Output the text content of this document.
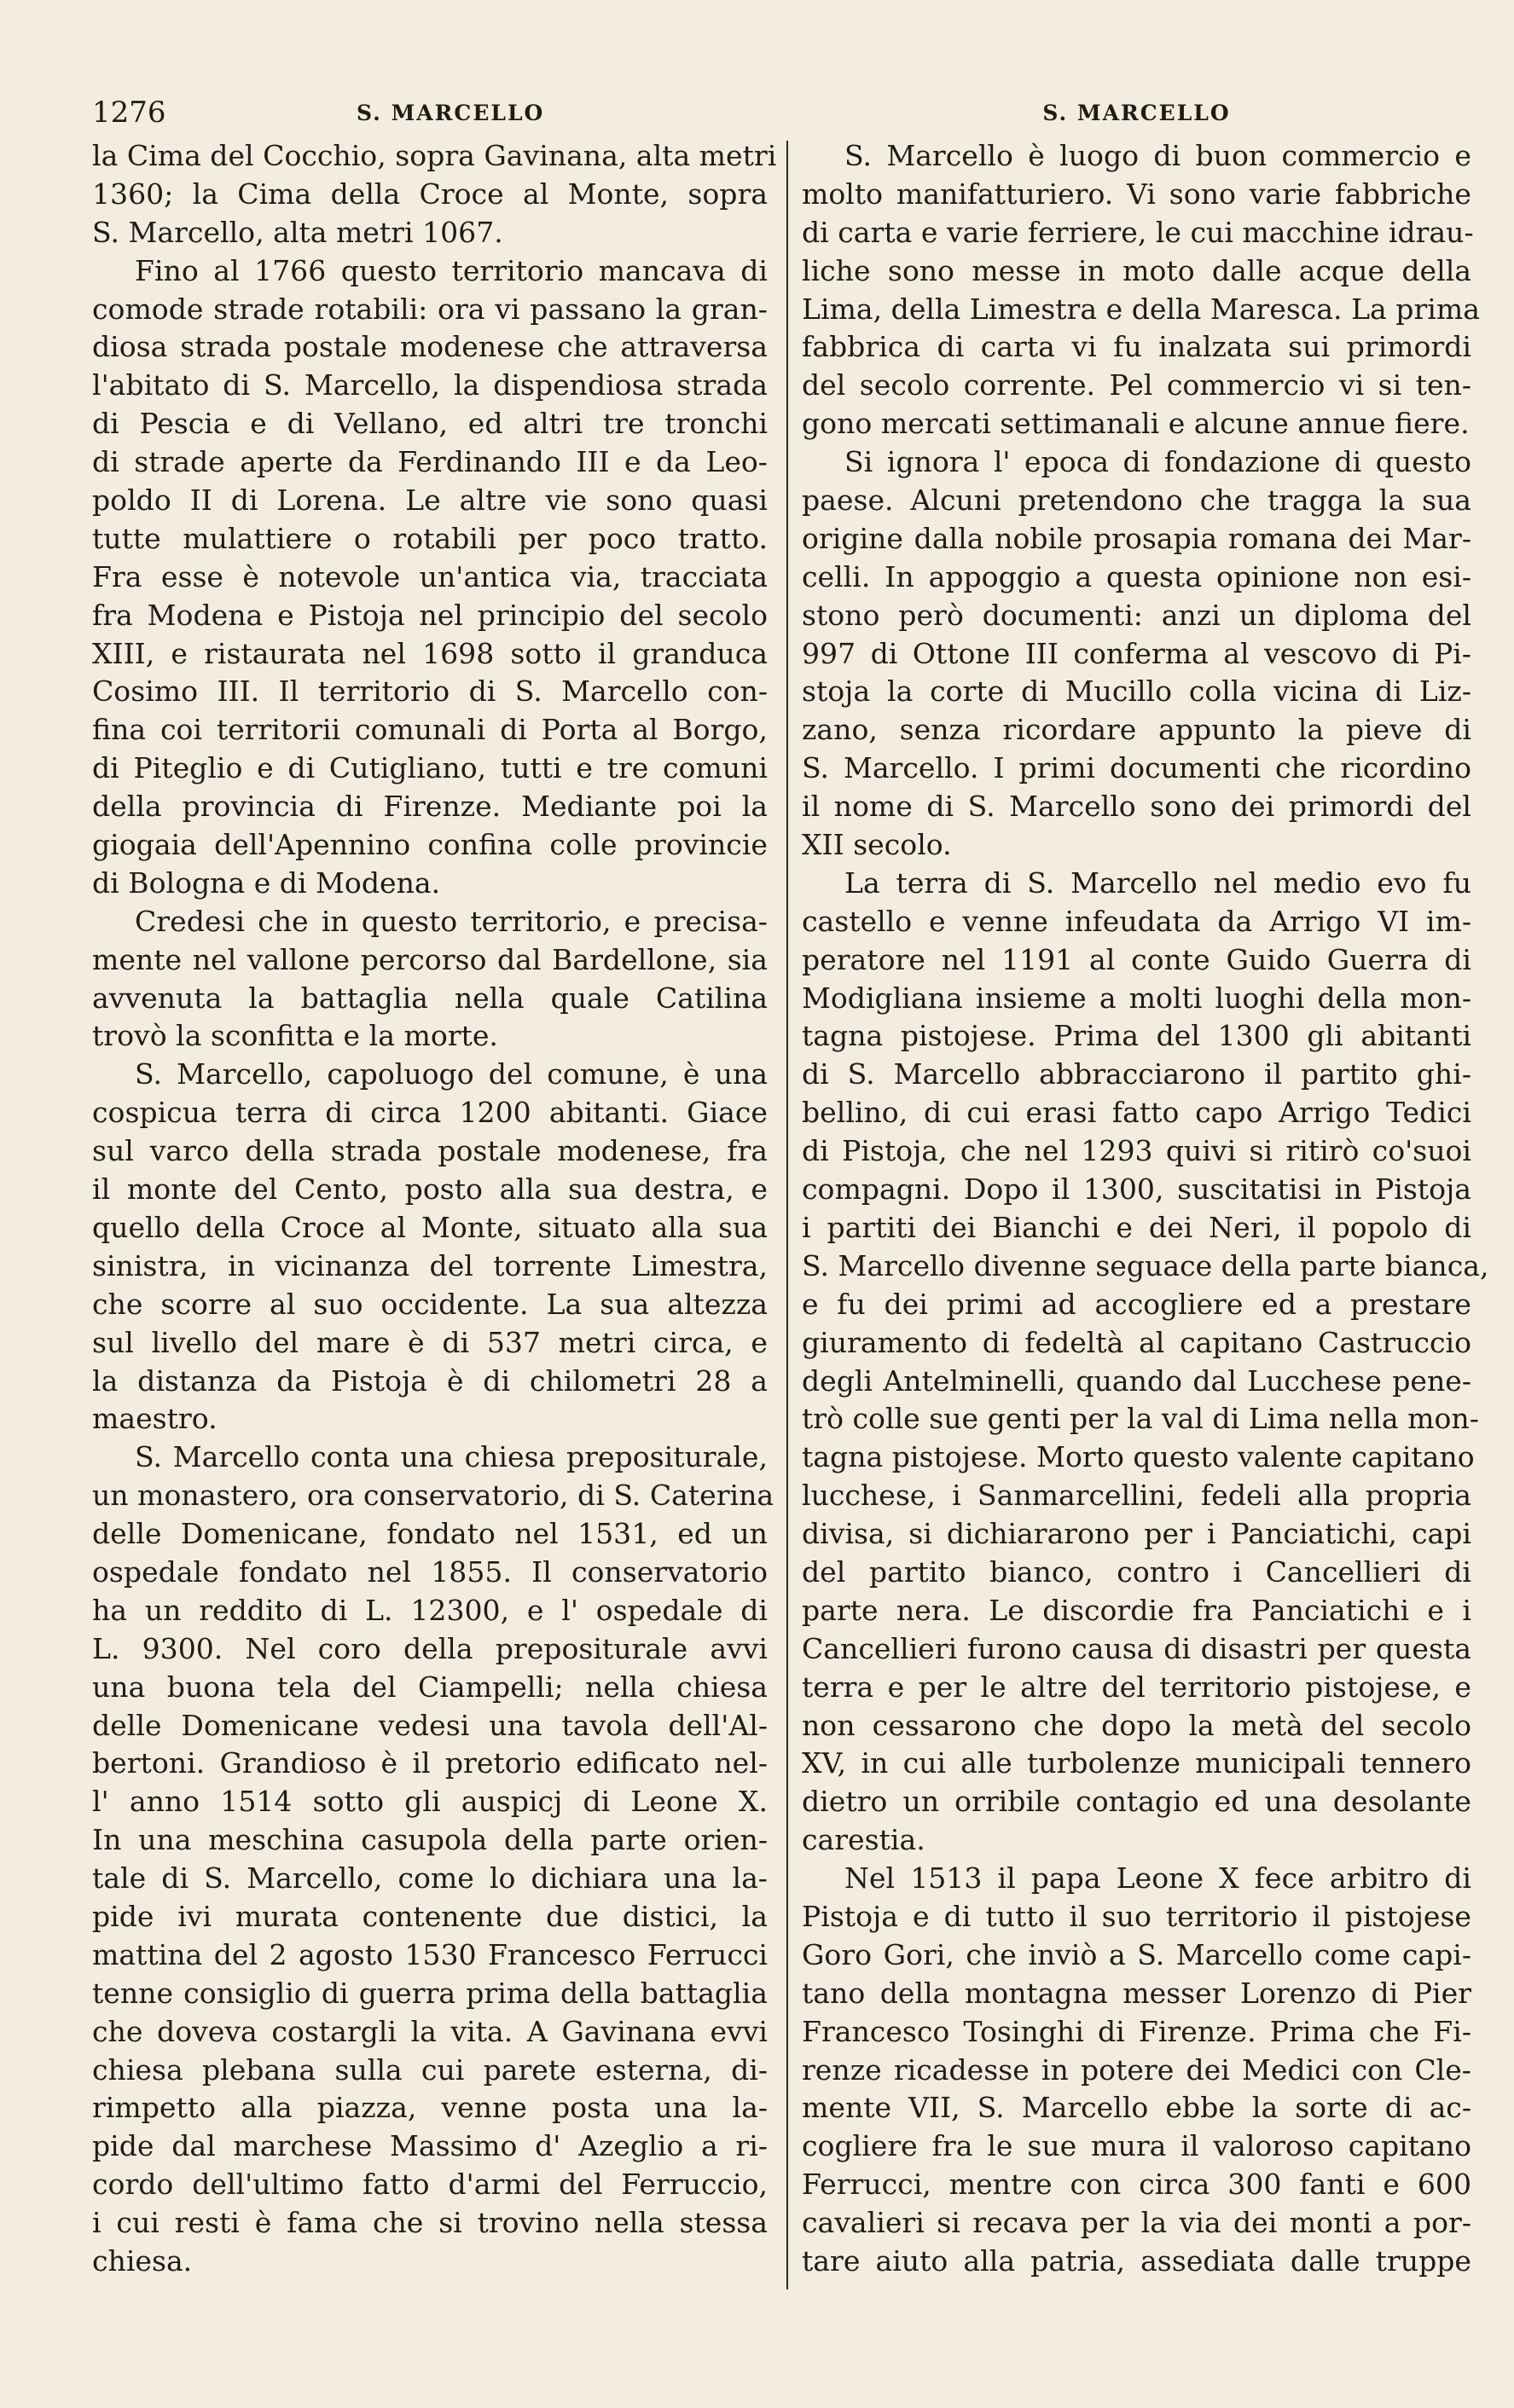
1276	S. MARCELLO	S. MARCELLO
la Cima del Cocchio, sopra Gavinana, alta metri
1360; la Cima della Croce al Monte, sopra
S. Marcello, alta metri 1067.
Fino al 1766 questo territorio mancava di
comode strade rotabili: ora vi passano la gran-
diosa strada postale modenese che attraversa
l'abitato di S. Marcello, la dispendiosa strada
di Pescia e di Vellano, ed altri tre tronchi
di strade aperte da Ferdinando III e da Leo-
poldo II di Lorena. Le altre vie sono quasi
tutte mulattiere o rotabili per poco tratto.
Fra esse è notevole un'antica via, tracciata
fra Modena e Pistoja nel principio del secolo
XIII, e ristaurata nel 1698 sotto il granduca
Cosimo III. Il territorio di S. Marcello con-
fina coi territorii comunali di Porta al Borgo,
di Piteglio e di Cutigliano, tutti e tre comuni
della provincia di Firenze. Mediante poi la
giogaia dell'Apennino confina colle provincie
di Bologna e di Modena.
Credesi che in questo territorio, e precisa-
mente nel vallone percorso dal Bardellone, sia
avvenuta la battaglia nella quale Catilina
trovò la sconfitta e la morte.
S. Marcello, capoluogo del comune, è una
cospicua terra di circa 1200 abitanti. Giace
sul varco della strada postale modenese, fra
il monte del Cento, posto alla sua destra, e
quello della Croce al Monte, situato alla sua
sinistra, in vicinanza del torrente Limestra,
che scorre al suo occidente. La sua altezza
sul livello del mare è di 537 metri circa, e
la distanza da Pistoja è di chilometri 28 a
maestro.
S. Marcello conta una chiesa prepositurale,
un monastero, ora conservatorio, di S. Caterina
delle Domenicane, fondato nel 1531, ed un
ospedale fondato nel 1855. Il conservatorio
ha un reddito di L. 12300, e l' ospedale di
L. 9300. Nel coro della prepositurale avvi
una buona tela del Ciampelli; nella chiesa
delle Domenicane vedesi una tavola dell'Al-
bertoni. Grandioso è il pretorio edificato nel-
l' anno 1514 sotto gli auspicj di Leone X.
In una meschina casupola della parte orien-
tale di S. Marcello, come lo dichiara una la-
pide ivi murata contenente due distici, la
mattina del 2 agosto 1530 Francesco Ferrucci
tenne consiglio di guerra prima della battaglia
che doveva costargli la vita. A Gavinana evvi
chiesa plebana sulla cui parete esterna, di-
rimpetto alla piazza, venne posta una la-
pide dal marchese Massimo d' Azeglio a ri-
cordo dell'ultimo fatto d'armi del Ferruccio,
i cui resti è fama che si trovino nella stessa
chiesa.
S. Marcello è luogo di buon commercio e
molto manifatturiero. Vi sono varie fabbriche
di carta e varie ferriere, le cui macchine idrau-
liche sono messe in moto dalle acque della
Lima, della Limestra e della Maresca. La prima
fabbrica di carta vi fu inalzata sui primordi
del secolo corrente. Pel commercio vi si ten-
gono mercati settimanali e alcune annue fiere.
Si ignora l' epoca di fondazione di questo
paese. Alcuni pretendono che tragga la sua
origine dalla nobile prosapia romana dei Mar-
celli. In appoggio a questa opinione non esi-
stono però documenti: anzi un diploma del
997 di Ottone III conferma al vescovo di Pi-
stoja la corte di Mucillo colla vicina di Liz-
zano, senza ricordare appunto la pieve di
S. Marcello. I primi documenti che ricordino
il nome di S. Marcello sono dei primordi del
XII secolo.
La terra di S. Marcello nel medio evo fu
castello e venne infeudata da Arrigo VI im-
peratore nel 1191 al conte Guido Guerra di
Modigliana insieme a molti luoghi della mon-
tagna pistojese. Prima del 1300 gli abitanti
di S. Marcello abbracciarono il partito ghi-
bellino, di cui erasi fatto capo Arrigo Tedici
di Pistoja, che nel 1293 quivi si ritirò co'suoi
compagni. Dopo il 1300, suscitatisi in Pistoja
i partiti dei Bianchi e dei Neri, il popolo di
S. Marcello divenne seguace della parte bianca,
e fu dei primi ad accogliere ed a prestare
giuramento di fedeltà al capitano Castruccio
degli Antelminelli, quando dal Lucchese pene-
trò colle sue genti per la val di Lima nella mon-
tagna pistojese. Morto questo valente capitano
lucchese, i Sanmarcellini, fedeli alla propria
divisa, si dichiararono per i Panciatichi, capi
del partito bianco, contro i Cancellieri di
parte nera. Le discordie fra Panciatichi e i
Cancellieri furono causa di disastri per questa
terra e per le altre del territorio pistojese, e
non cessarono che dopo la metà del secolo
XV, in cui alle turbolenze municipali tennero
dietro un orribile contagio ed una desolante
carestia.
Nel 1513 il papa Leone X fece arbitro di
Pistoja e di tutto il suo territorio il pistojese
Goro Gori, che inviò a S. Marcello come capi-
tano della montagna messer Lorenzo di Pier
Francesco Tosinghi di Firenze. Prima che Fi-
renze ricadesse in potere dei Medici con Cle-
mente VII, S. Marcello ebbe la sorte di ac-
cogliere fra le sue mura il valoroso capitano
Ferrucci, mentre con circa 300 fanti e 600
cavalieri si recava per la via dei monti a por-
tare aiuto alla patria, assediata dalle truppe
